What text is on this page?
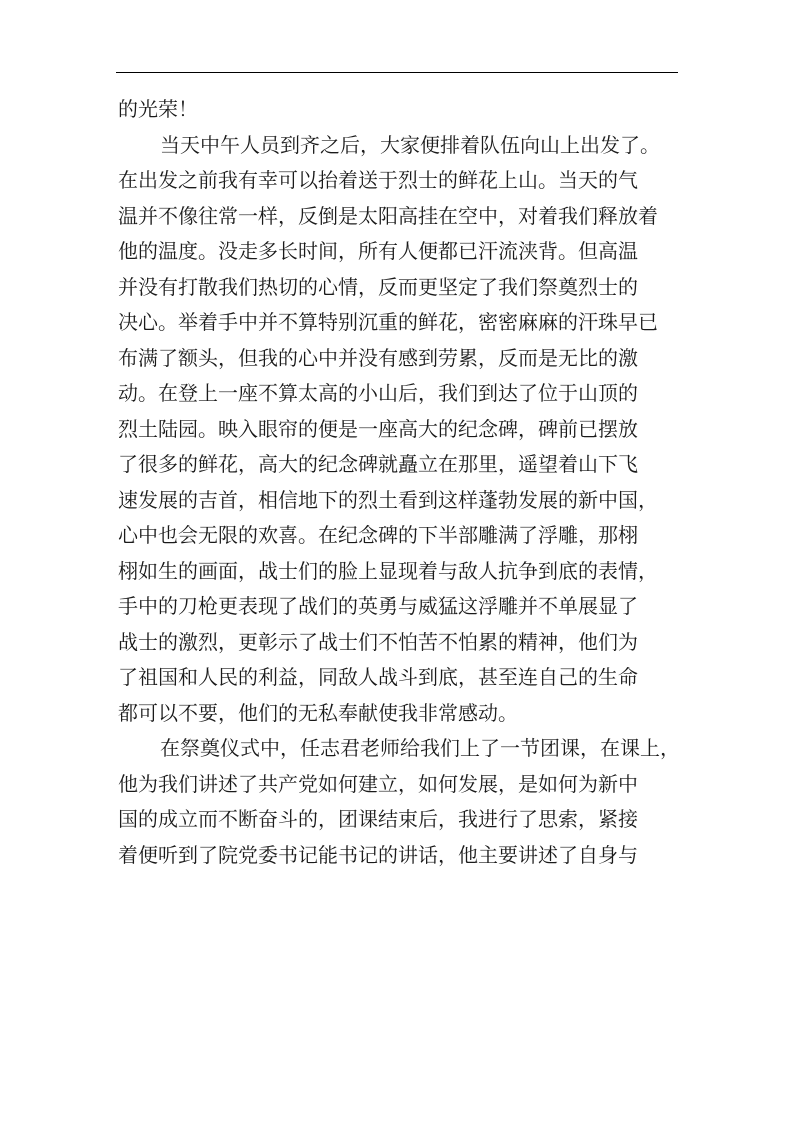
的光荣！
当天中午人员到齐之后，大家便排着队伍向山上出发了。
在出发之前我有幸可以抬着送于烈士的鲜花上山。当天的气
温并不像往常一样，反倒是太阳高挂在空中，对着我们释放着
他的温度。没走多长时间，所有人便都已汗流浃背。但高温
并没有打散我们热切的心情，反而更坚定了我们祭奠烈士的
决心。举着手中并不算特别沉重的鲜花，密密麻麻的汗珠早已
布满了额头，但我的心中并没有感到劳累，反而是无比的激
动。在登上一座不算太高的小山后，我们到达了位于山顶的
烈土陆园。映入眼帘的便是一座高大的纪念碑，碑前已摆放
了很多的鲜花，高大的纪念碑就矗立在那里，遥望着山下飞
速发展的吉首，相信地下的烈土看到这样蓬勃发展的新中国，
心中也会无限的欢喜。在纪念碑的下半部雕满了浮雕，那栩
栩如生的画面，战士们的脸上显现着与敌人抗争到底的表情，
手中的刀枪更表现了战们的英勇与威猛这浮雕并不单展显了
战士的激烈，更彰示了战士们不怕苦不怕累的精神，他们为
了祖国和人民的利益，同敌人战斗到底，甚至连自己的生命
都可以不要，他们的无私奉献使我非常感动。
在祭奠仪式中，任志君老师给我们上了一节团课，在课上，
他为我们讲述了共产党如何建立，如何发展，是如何为新中
国的成立而不断奋斗的，团课结束后，我进行了思索，紧接
着便听到了院党委书记能书记的讲话，他主要讲述了自身与
